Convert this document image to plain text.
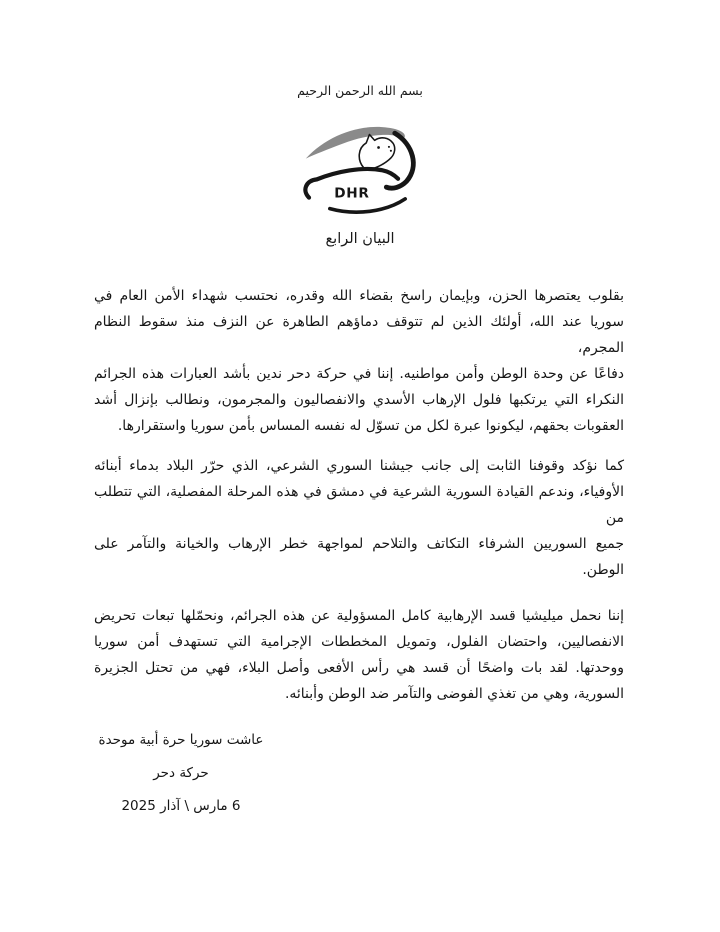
بسم الله الرحمن الرحيم
DHR
البيان الرابع
بقلوب يعتصرها الحزن، وبإيمان راسخ بقضاء الله وقدره، نحتسب شهداء الأمن العام في
سوريا عند الله، أولئك الذين لم تتوقف دماؤهم الطاهرة عن النزف منذ سقوط النظام المجرم،
دفاعًا عن وحدة الوطن وأمن مواطنيه. إننا في حركة دحر ندين بأشد العبارات هذه الجرائم
النكراء التي يرتكبها فلول الإرهاب الأسدي والانفصاليون والمجرمون، ونطالب بإنزال أشد
العقوبات بحقهم، ليكونوا عبرة لكل من تسوّل له نفسه المساس بأمن سوريا واستقرارها.
كما نؤكد وقوفنا الثابت إلى جانب جيشنا السوري الشرعي، الذي حرّر البلاد بدماء أبنائه
الأوفياء، وندعم القيادة السورية الشرعية في دمشق في هذه المرحلة المفصلية، التي تتطلب من
جميع السوريين الشرفاء التكاتف والتلاحم لمواجهة خطر الإرهاب والخيانة والتآمر على
الوطن.
إننا نحمل ميليشيا قسد الإرهابية كامل المسؤولية عن هذه الجرائم، ونحمّلها تبعات تحريض
الانفصاليين، واحتضان الفلول، وتمويل المخططات الإجرامية التي تستهدف أمن سوريا
ووحدتها. لقد بات واضحًا أن قسد هي رأس الأفعى وأصل البلاء، فهي من تحتل الجزيرة
السورية، وهي من تغذي الفوضى والتآمر ضد الوطن وأبنائه.
عاشت سوريا حرة أبية موحدة
حركة دحر
6 مارس \ آذار 2025
